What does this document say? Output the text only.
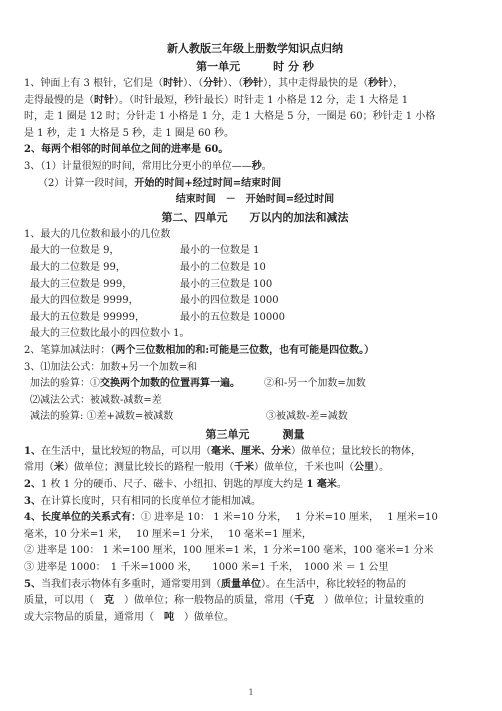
新人教版三年级上册数学知识点归纳
第一单元　　　时 分 秒
1、钟面上有 3 根针，它们是（时针）、（分针）、（秒针），其中走得最快的是（秒针），
走得最慢的是（时针）。（时针最短，秒针最长）时针走 1 小格是 12 分，走 1 大格是 1
时，走 1 圈是 12 时；分针走 1 小格是 1 分，走 1 大格是 5 分，一圈是 60；秒针走 1 小格
是 1 秒，走 1 大格是 5 秒，走 1 圈是 60 秒。
2、每两个相邻的时间单位之间的进率是 60。
3、（1）计量很短的时间，常用比分更小的单位——秒。
（2）计算一段时间，开始的时间+经过时间=结束时间
结束时间　－　开始时间=经过时间
第二、四单元　　万以内的加法和减法
1、最大的几位数和最小的几位数
最大的一位数是 9，	最小的一位数是 1
最大的二位数是 99，	最小的二位数是 10
最大的三位数是 999，	最小的三位数是 100
最大的四位数是 9999，	最小的四位数是 1000
最大的五位数是 99999，	最小的五位数是 10000
最大的三位数比最小的四位数小 1。
2、笔算加减法时：（两个三位数相加的和:可能是三位数，也有可能是四位数。）
3、⑴加法公式：加数+另一个加数=和
加法的验算：①交换两个加数的位置再算一遍。 ②和-另一个加数=加数
⑵减法公式：被减数-减数=差
减法的验算: ①差+减数=被减数	③被减数-差=减数
第三单元　　　测量
1、在生活中，量比较短的物品，可以用（毫米、厘米、分米）做单位；量比较长的物体，
常用（米）做单位；测量比较长的路程一般用（千米）做单位，千米也叫（公里）。
2、1 枚 1 分的硬币、尺子、磁卡、小纽扣、钥匙的厚度大约是 1 毫米。
3、在计算长度时，只有相同的长度单位才能相加减。
4、长度单位的关系式有：① 进率是 10： 1 米=10 分米，　 1 分米=10 厘米，　 1 厘米=10
毫米，10 分米=1 米，　 10 厘米=1 分米，　 10 毫米=1 厘米，
② 进率是 100： 1 米=100 厘米，100 厘米=1 米，1 分米=100 毫米，100 毫米=1 分米
③ 进率是 1000：　1 千米=1000 米，　　1000 米=1 千米，　1000 米 ＝ 1 公里
5、当我们表示物体有多重时，通常要用到（质量单位）。在生活中，称比较轻的物品的
质量，可以用（　克　）做单位；称一般物品的质量，常用（千克　）做单位；计量较重的
或大宗物品的质量，通常用（　吨　）做单位。
1
